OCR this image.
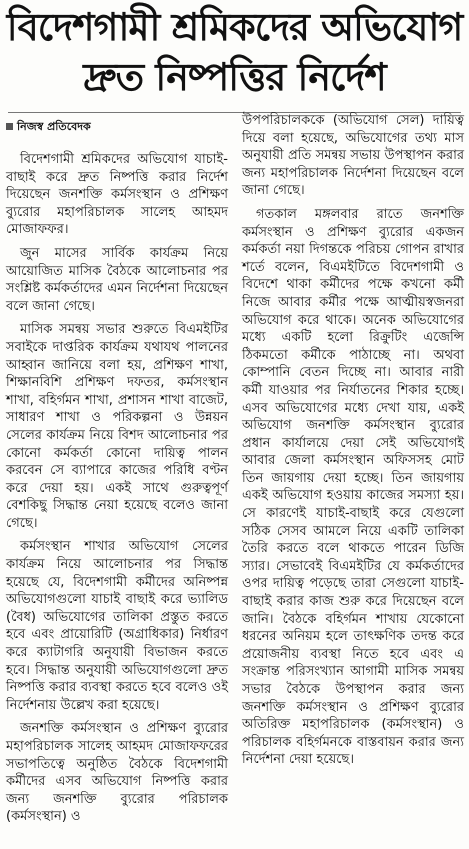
বিদেশগামী শ্রমিকদের অভিযোগ
দ্রুত নিষ্পত্তির নির্দেশ
নিজস্ব প্রতিবেদক

বিদেশগামী শ্রমিকদের অভিযোগ যাচাই-বাছাই করে দ্রুত নিষ্পত্তি করার নির্দেশ দিয়েছেন জনশক্তি কর্মসংস্থান ও প্রশিক্ষণ ব্যুরোর মহাপরিচালক সালেহ আহমদ মোজাফফর।

জুন মাসের সার্বিক কার্যক্রম নিয়ে আয়োজিত মাসিক বৈঠকে আলোচনার পর সংশ্লিষ্ট কর্মকর্তাদের এমন নির্দেশনা দিয়েছেন বলে জানা গেছে।

মাসিক সমন্বয় সভার শুরুতে বিএমইটির সবাইকে দাপ্তরিক কার্যক্রম যথাযথ পালনের আহ্বান জানিয়ে বলা হয়, প্রশিক্ষণ শাখা, শিক্ষানবিশি প্রশিক্ষণ দফতর, কর্মসংস্থান শাখা, বহির্গমন শাখা, প্রশাসন শাখা বাজেট, সাধারণ শাখা ও পরিকল্পনা ও উন্নয়ন সেলের কার্যক্রম নিয়ে বিশদ আলোচনার পর কোনো কর্মকর্তা কোনো দায়িত্ব পালন করবেন সে ব্যাপারে কাজের পরিধি বণ্টন করে দেয়া হয়। একই সাথে গুরুত্বপূর্ণ বেশকিছু সিদ্ধান্ত নেয়া হয়েছে বলেও জানা গেছে।

কর্মসংস্থান শাখার অভিযোগ সেলের কার্যক্রম নিয়ে আলোচনার পর সিদ্ধান্ত হয়েছে যে, বিদেশগামী কর্মীদের অনিষ্পন্ন অভিযোগগুলো যাচাই বাছাই করে ভ্যালিড (বৈধ) অভিযোগের তালিকা প্রস্তুত করতে হবে এবং প্রায়োরিটি (অগ্রাধিকার) নির্ধারণ করে ক্যাটাগরি অনুযায়ী বিভাজন করতে হবে। সিদ্ধান্ত অনুযায়ী অভিযোগগুলো দ্রুত নিষ্পত্তি করার ব্যবস্থা করতে হবে বলেও ওই নির্দেশনায় উল্লেখ করা হয়েছে।

জনশক্তি কর্মসংস্থান ও প্রশিক্ষণ ব্যুরোর মহাপরিচালক সালেহ আহমদ মোজাফফরের সভাপতিত্বে অনুষ্ঠিত বৈঠকে বিদেশগামী কর্মীদের এসব অভিযোগ নিষ্পত্তি করার জন্য জনশক্তি ব্যুরোর পরিচালক (কর্মসংস্থান) ও

উপপরিচালককে (অভিযোগ সেল) দায়িত্ব দিয়ে বলা হয়েছে, অভিযোগের তথ্য মাস অনুযায়ী প্রতি সমন্বয় সভায় উপস্থাপন করার জন্য মহাপরিচালক নির্দেশনা দিয়েছেন বলে জানা গেছে।

গতকাল মঙ্গলবার রাতে জনশক্তি কর্মসংস্থান ও প্রশিক্ষণ ব্যুরোর একজন কর্মকর্তা নয়া দিগন্তকে পরিচয় গোপন রাখার শর্তে বলেন, বিএমইটিতে বিদেশগামী ও বিদেশে থাকা কর্মীদের পক্ষে কখনো কর্মী নিজে আবার কর্মীর পক্ষে আত্মীয়স্বজনরা অভিযোগ করে থাকে। অনেক অভিযোগের মধ্যে একটি হলো রিক্রুটিং এজেন্সি ঠিকমতো কর্মীকে পাঠাচ্ছে না। অথবা কোম্পানি বেতন দিচ্ছে না। আবার নারী কর্মী যাওয়ার পর নির্যাতনের শিকার হচ্ছে। এসব অভিযোগের মধ্যে দেখা যায়, একই অভিযোগ জনশক্তি কর্মসংস্থান ব্যুরোর প্রধান কার্যালয়ে দেয়া সেই অভিযোগই আবার জেলা কর্মসংস্থান অফিসসহ মোট তিন জায়গায় দেয়া হচ্ছে। তিন জায়গায় একই অভিযোগ হওয়ায় কাজের সমস্যা হয়। সে কারণেই যাচাই-বাছাই করে যেগুলো সঠিক সেসব আমলে নিয়ে একটি তালিকা তৈরি করতে বলে থাকতে পারেন ডিজি স্যার। সেভাবেই বিএমইটির যে কর্মকর্তাদের ওপর দায়িত্ব পড়েছে তারা সেগুলো যাচাই-বাছাই করার কাজ শুরু করে দিয়েছেন বলে জানি। বৈঠকে বহির্গমন শাখায় যেকোনো ধরনের অনিয়ম হলে তাৎক্ষণিক তদন্ত করে প্রয়োজনীয় ব্যবস্থা নিতে হবে এবং এ সংক্রান্ত পরিসংখ্যান আগামী মাসিক সমন্বয় সভার বৈঠকে উপস্থাপন করার জন্য জনশক্তি কর্মসংস্থান ও প্রশিক্ষণ ব্যুরোর অতিরিক্ত মহাপরিচালক (কর্মসংস্থান) ও পরিচালক বহির্গমনকে বাস্তবায়ন করার জন্য নির্দেশনা দেয়া হয়েছে।
